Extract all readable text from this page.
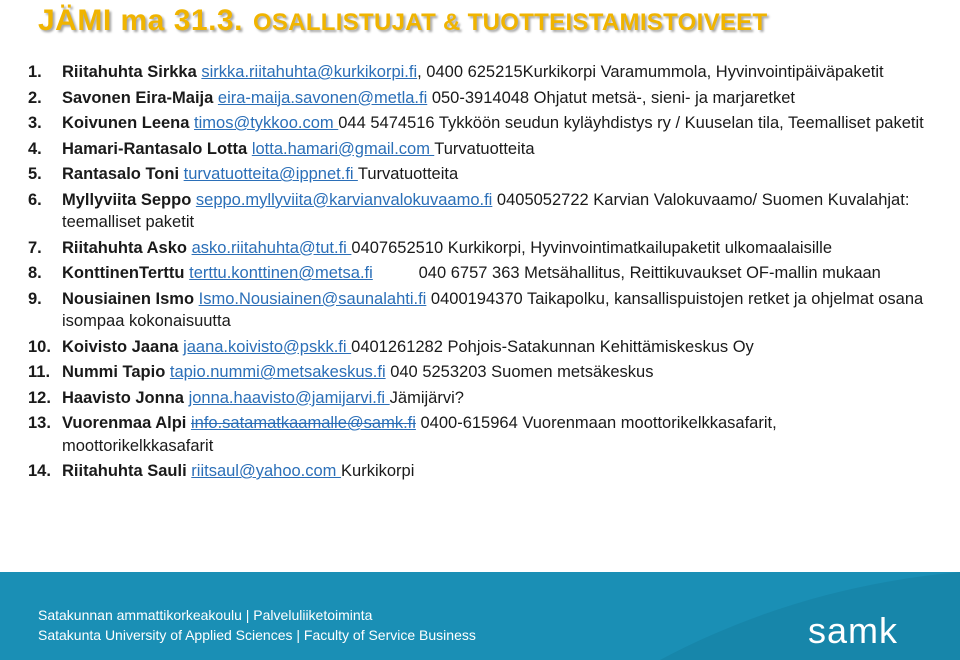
JÄMI ma 31.3. OSALLISTUJAT & TUOTTEISTAMISTOIVEET
1.	Riitahuhta Sirkka sirkka.riitahuhta@kurkikorpi.fi, 0400 625215Kurkikorpi Varamummola, Hyvinvointipäiväpaketit
2.	Savonen Eira-Maija eira-maija.savonen@metla.fi 050-3914048 Ohjatut metsä-, sieni- ja marjaretket
3.	Koivunen Leena timos@tykkoo.com 044 5474516 Tykköön seudun kyläyhdistys ry / Kuuselan tila, Teemalliset paketit
4.	Hamari-Rantasalo Lotta lotta.hamari@gmail.com Turvatuotteita
5.	Rantasalo Toni turvatuotteita@ippnet.fi Turvatuotteita
6.	Myllyviita Seppo seppo.myllyviita@karvianvalokuvaamo.fi 0405052722 Karvian Valokuvaamo/ Suomen Kuvalahjat: teemalliset paketit
7.	Riitahuhta Asko asko.riitahuhta@tut.fi 0407652510 Kurkikorpi, Hyvinvointimatkailupaketit ulkomaalaisille
8.	KonttinenTerttu terttu.konttinen@metsa.fi          040 6757 363 Metsähallitus, Reittikuvaukset OF-mallin mukaan
9.	Nousiainen Ismo Ismo.Nousiainen@saunalahti.fi 0400194370 Taikapolku, kansallispuistojen retket ja ohjelmat osana isompaa kokonaisuutta
10. Koivisto Jaana jaana.koivisto@pskk.fi 0401261282 Pohjois-Satakunnan Kehittämiskeskus Oy
11. Nummi Tapio tapio.nummi@metsakeskus.fi 040 5253203 Suomen metsäkeskus
12. Haavisto Jonna jonna.haavisto@jamijarvi.fi Jämijärvi?
13. Vuorenmaa Alpi info.satamatkaamalle@samk.fi 0400-615964 Vuorenmaan moottorikelkkasafarit, moottorikelkkasafarit
14. Riitahuhta Sauli riitsaul@yahoo.com Kurkikorpi
Satakunnan ammattikorkeakoulu | Palveluliiketoiminta
Satakunta University of Applied Sciences | Faculty of Service Business	samk
